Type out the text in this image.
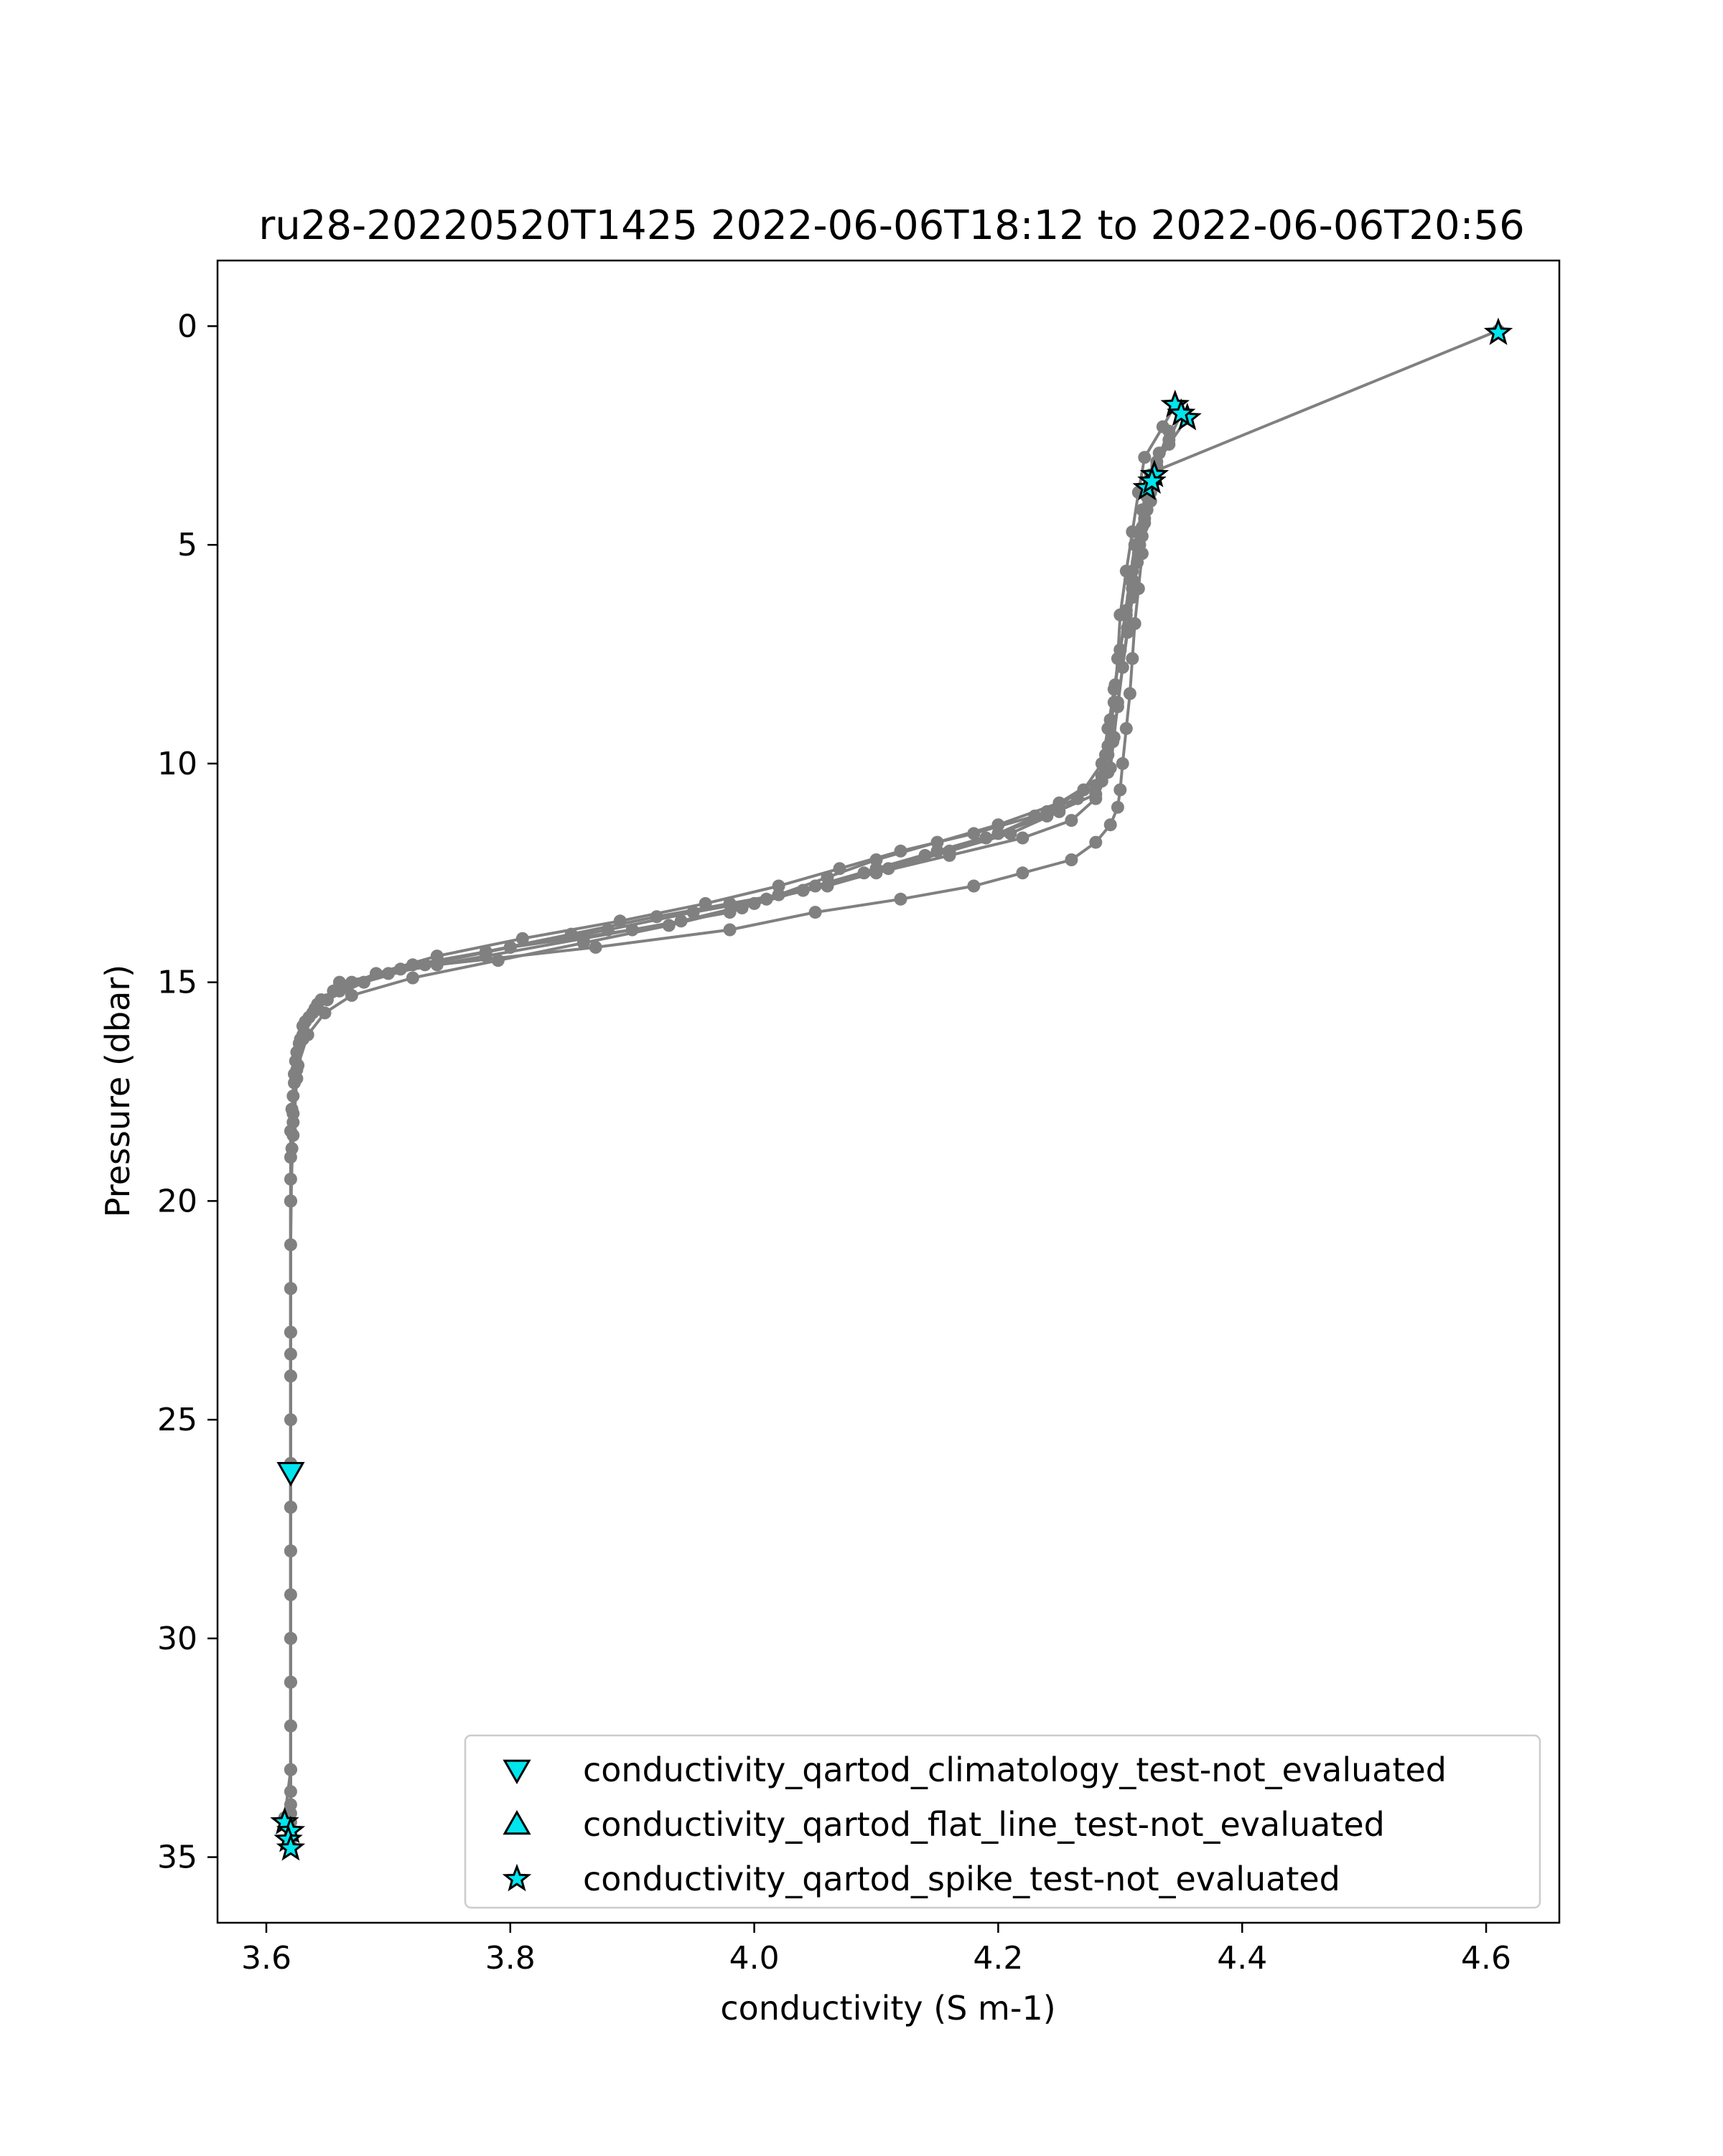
ru28-20220520T1425 2022-06-06T18:12 to 2022-06-06T20:56
3.6	3.8	4.0	4.2	4.4	4.6
0
5
10
15
20
25
30
35
conductivity (S m-1)
Pressure (dbar)
conductivity_qartod_climatology_test-not_evaluated
conductivity_qartod_flat_line_test-not_evaluated
conductivity_qartod_spike_test-not_evaluated
